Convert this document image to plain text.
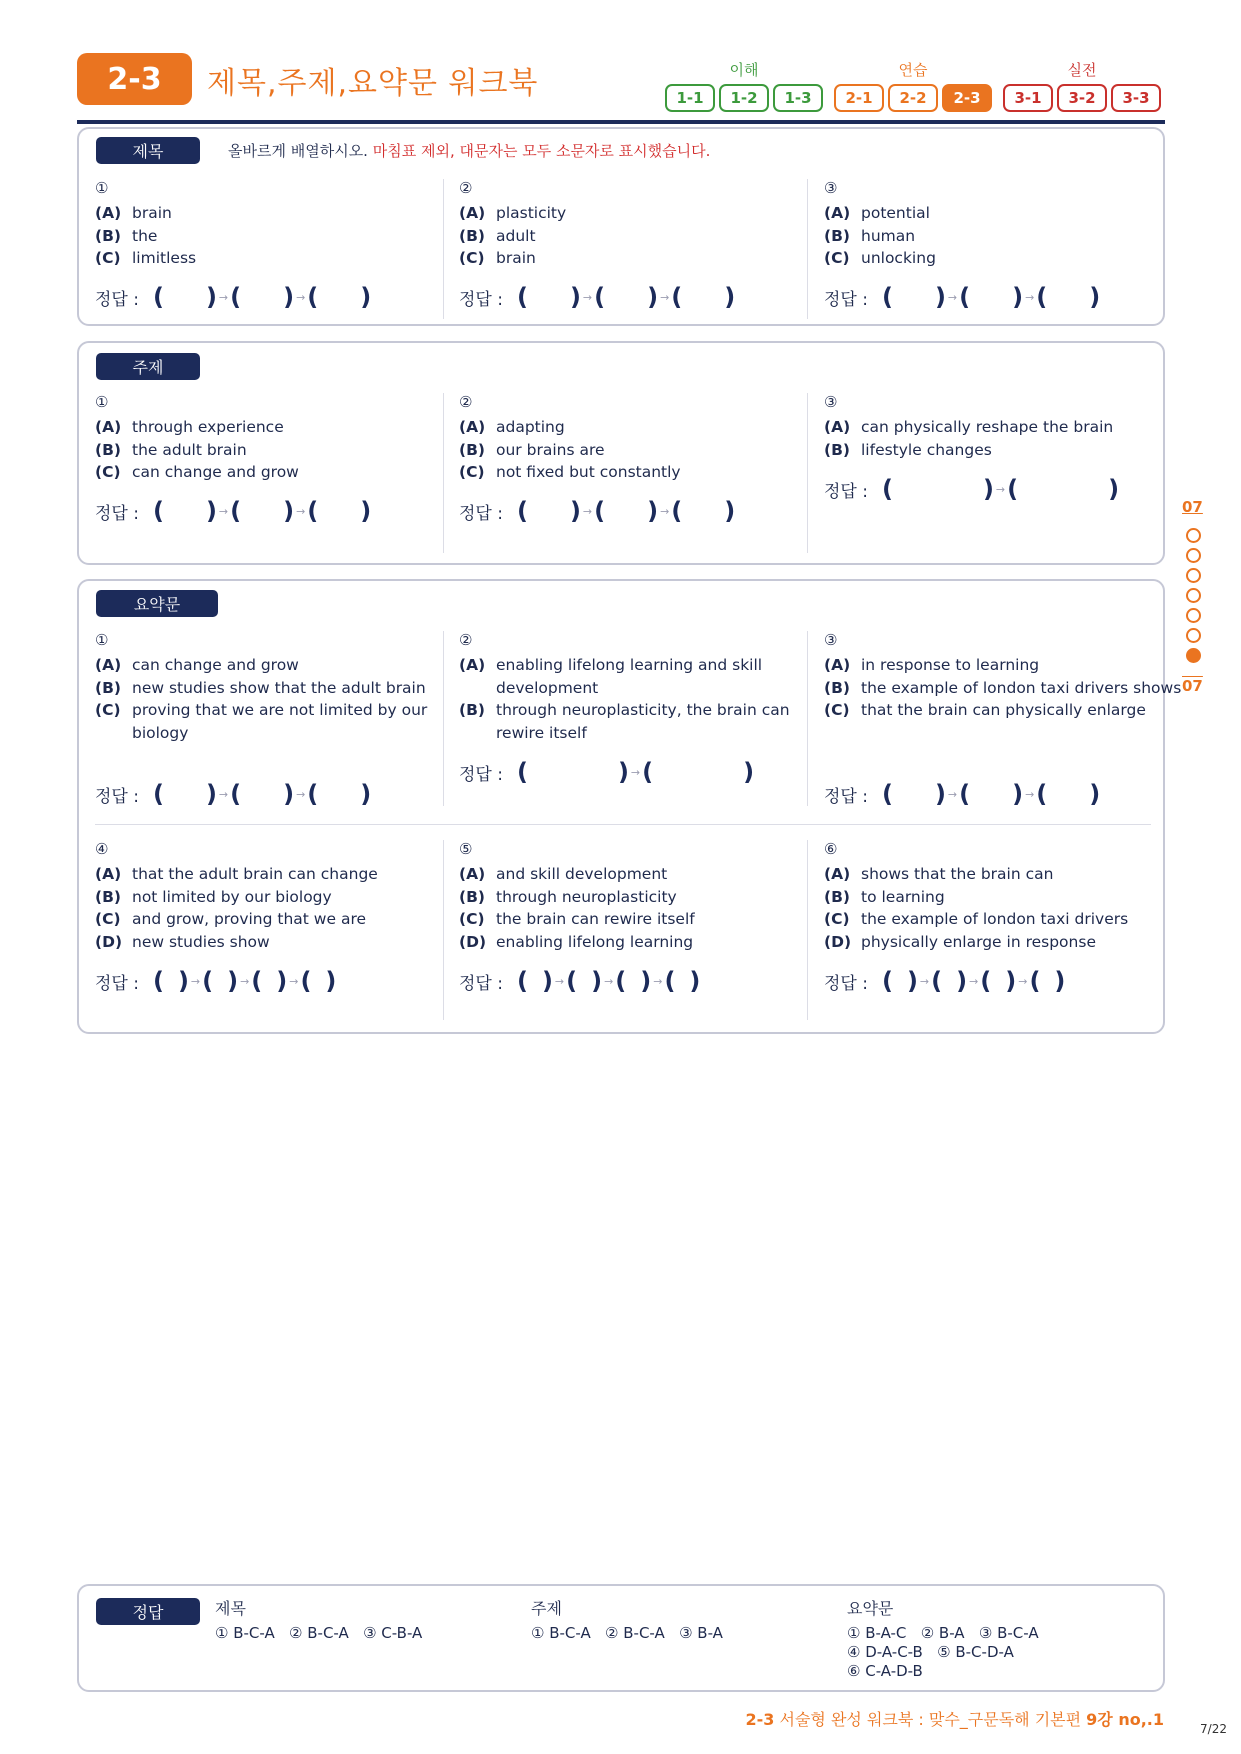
2-3	제목,주제,요약문 워크북	이해	연습	실전
1-1	1-2	1-3	2-1	2-2	2-3	3-1	3-2	3-3
제목	올바르게 배열하시오. 마침표 제외, 대문자는 모두 소문자로 표시했습니다.
①
(A) brain
(B) the
(C) limitless
정답 : ( ) → ( ) → ( )
②
(A) plasticity
(B) adult
(C) brain
정답 : ( ) → ( ) → ( )
③
(A) potential
(B) human
(C) unlocking
정답 : ( ) → ( ) → ( )
주제
①
(A) through experience
(B) the adult brain
(C) can change and grow
정답 : ( ) → ( ) → ( )
②
(A) adapting
(B) our brains are
(C) not fixed but constantly
정답 : ( ) → ( ) → ( )
③
(A) can physically reshape the brain
(B) lifestyle changes
정답 : (	) → (	)
요약문
①
(A) can change and grow
(B) new studies show that the adult brain
(C) proving that we are not limited by our biology
정답 : ( ) → ( ) → ( )
②
(A) enabling lifelong learning and skill development
(B) through neuroplasticity, the brain can rewire itself
정답 : (	) → (	)
③
(A) in response to learning
(B) the example of london taxi drivers shows
(C) that the brain can physically enlarge
정답 : ( ) → ( ) → ( )
④
(A) that the adult brain can change
(B) not limited by our biology
(C) and grow, proving that we are
(D) new studies show
정답 : ( ) → ( ) → ( ) → ( )
⑤
(A) and skill development
(B) through neuroplasticity
(C) the brain can rewire itself
(D) enabling lifelong learning
정답 : ( ) → ( ) → ( ) → ( )
⑥
(A) shows that the brain can
(B) to learning
(C) the example of london taxi drivers
(D) physically enlarge in response
정답 : ( ) → ( ) → ( ) → ( )
07
07
정답	제목
① B-C-A   ② B-C-A   ③ C-B-A
주제
① B-C-A   ② B-C-A   ③ B-A
요약문
① B-A-C   ② B-A   ③ B-C-A
④ D-A-C-B   ⑤ B-C-D-A
⑥ C-A-D-B
2-3 서술형 완성 워크북 : 맞수_구문독해 기본편 9강 no,.1	7/22
